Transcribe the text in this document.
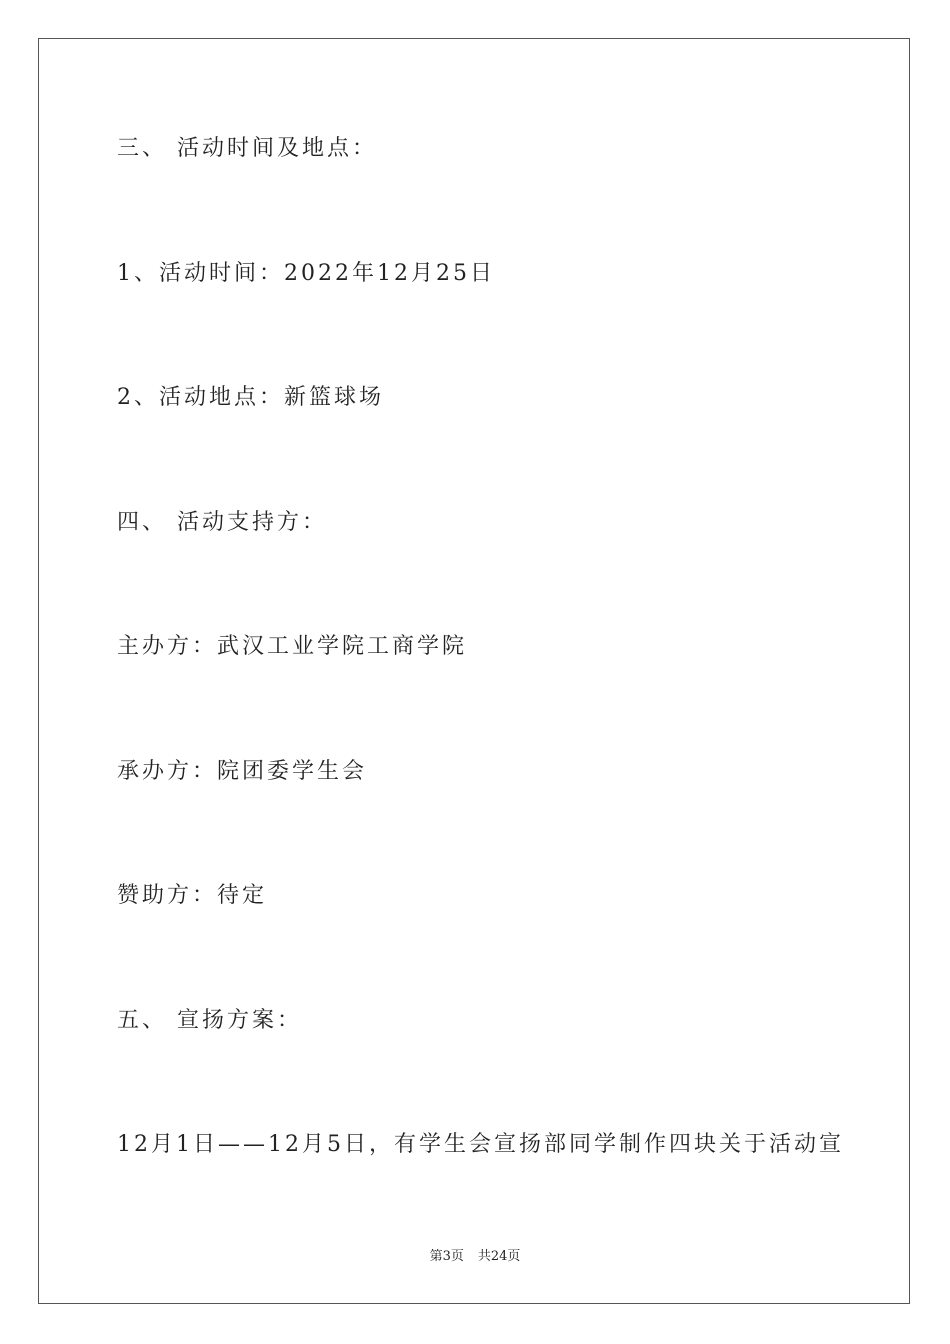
三、 活动时间及地点：

1、活动时间：2022年12月25日

2、活动地点：新篮球场

四、 活动支持方：

主办方：武汉工业学院工商学院

承办方：院团委学生会

赞助方：待定

五、 宣扬方案：

12月1日——12月5日，有学生会宣扬部同学制作四块关于活动宣

第3页 共24页
